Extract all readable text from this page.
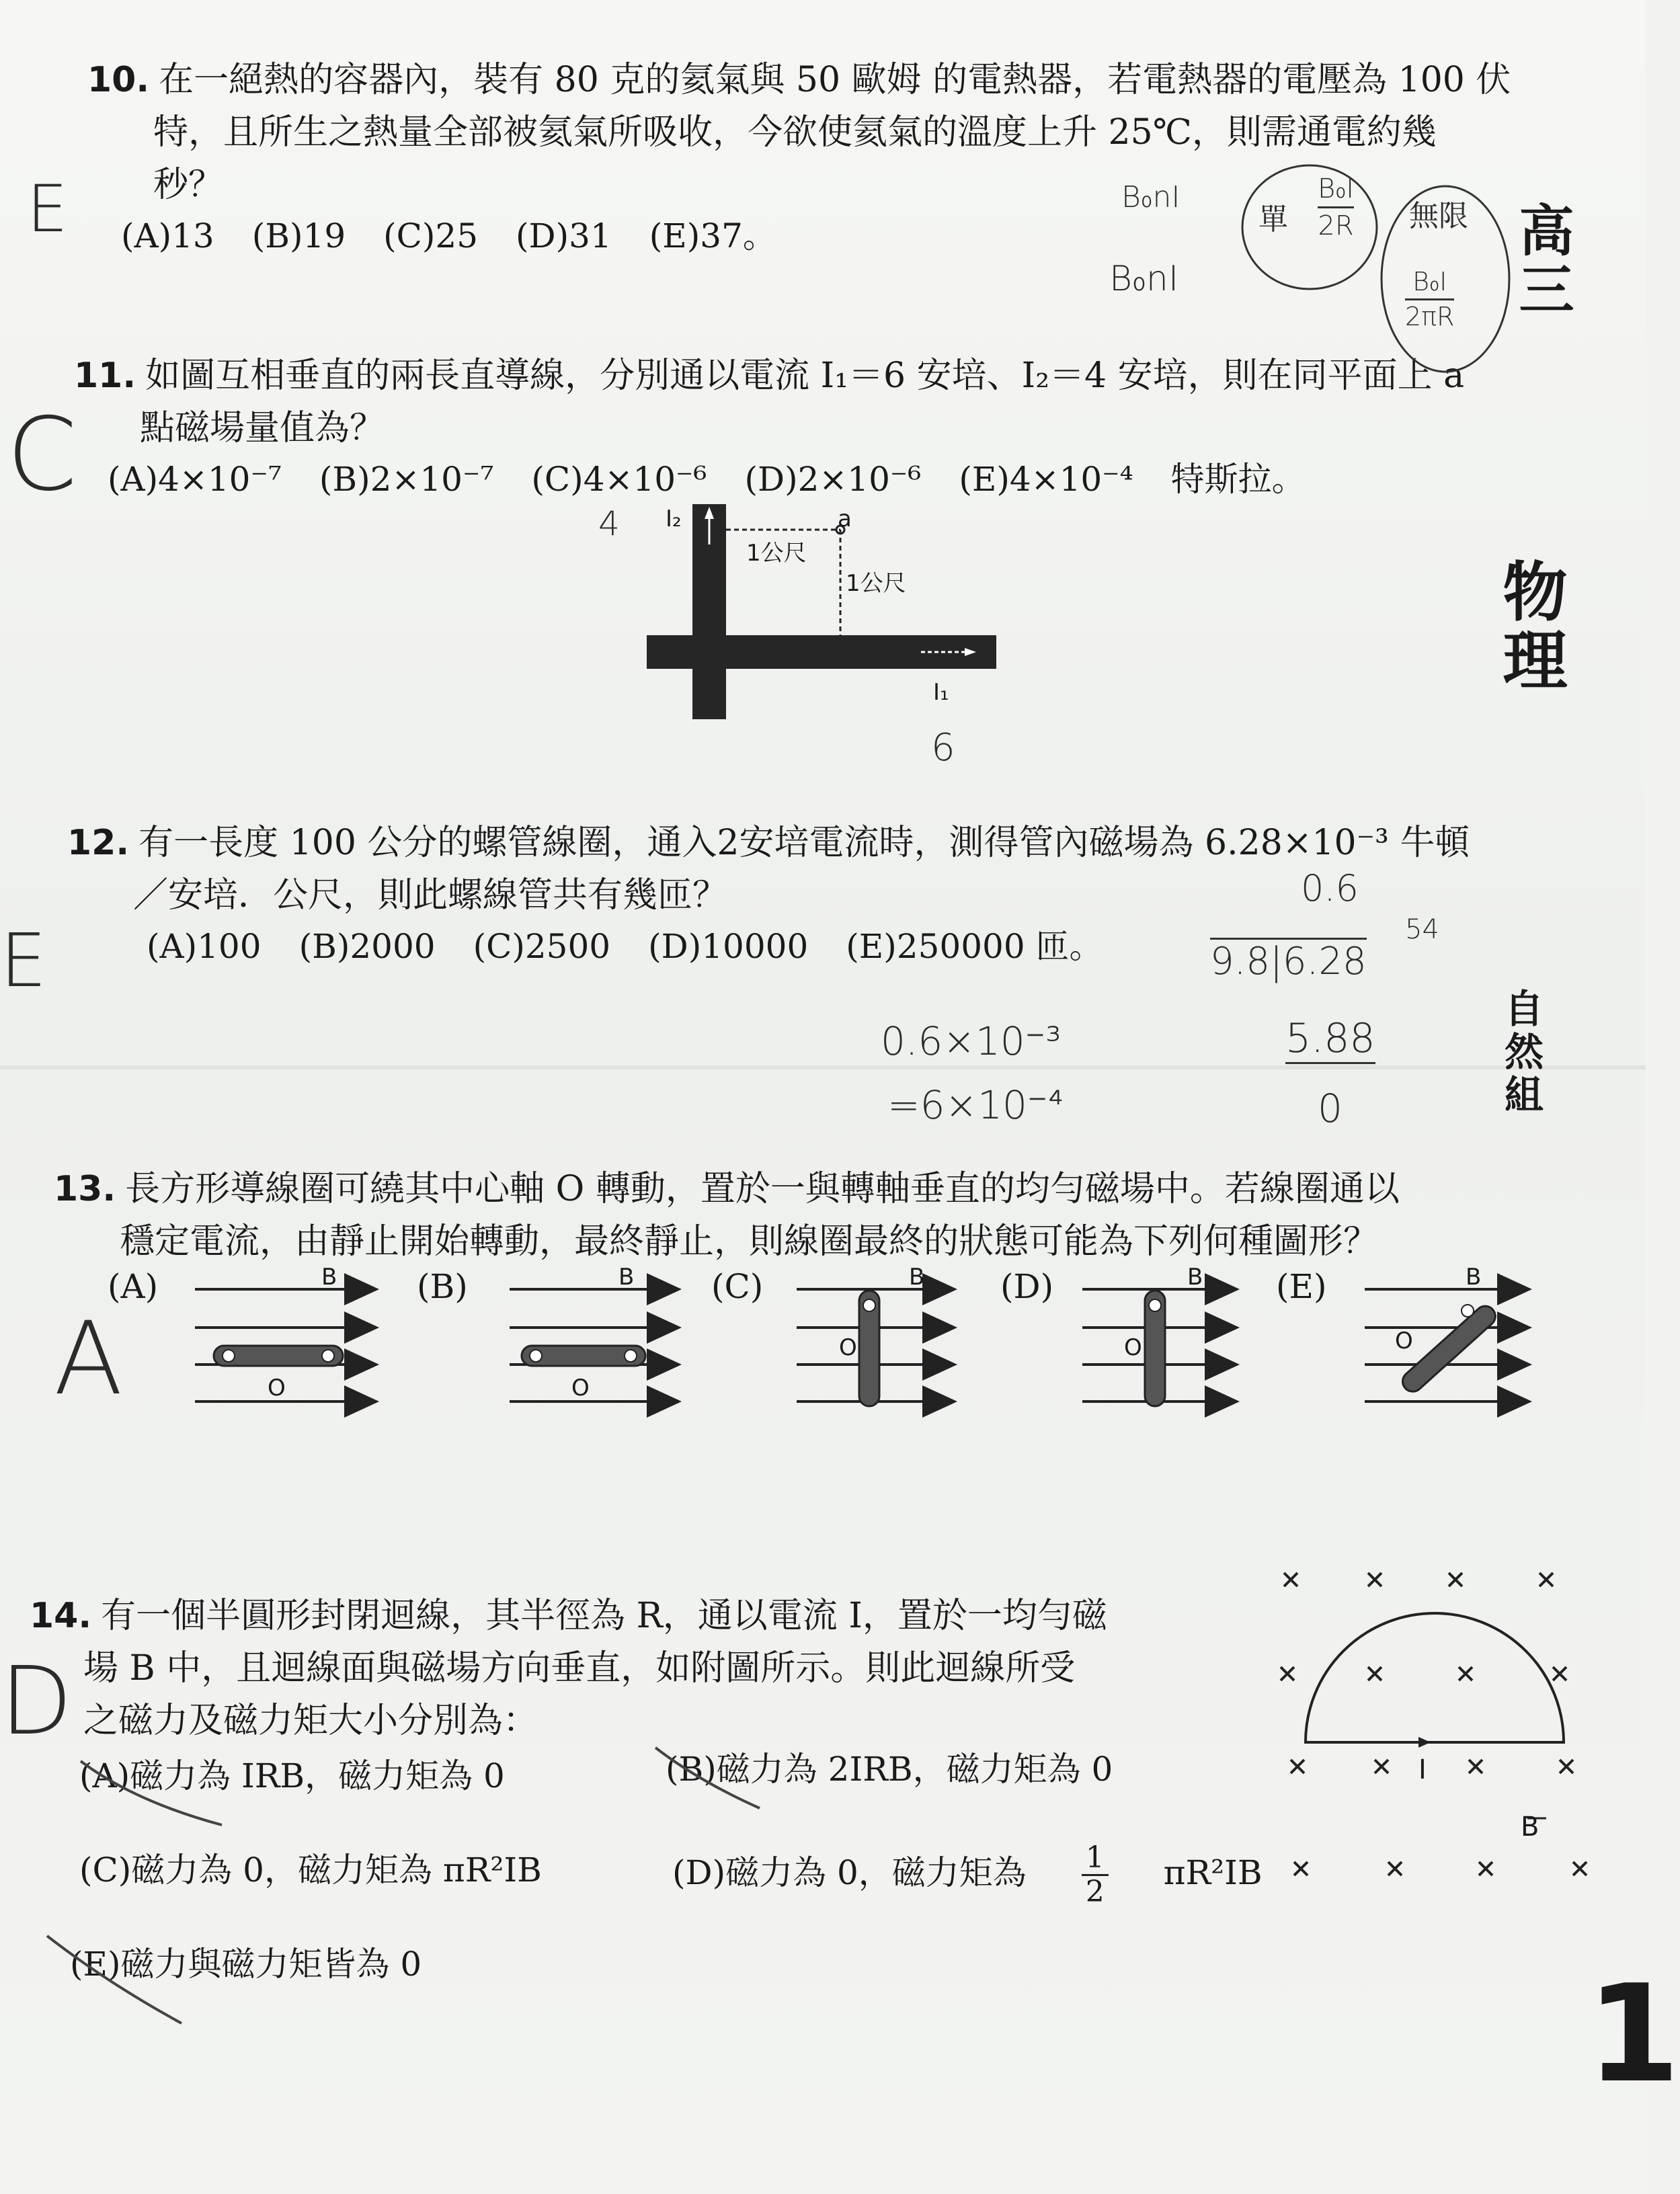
高三
物理
自然組
1
10. 在一絕熱的容器內，裝有 80 克的氦氣與 50 歐姆 的電熱器，若電熱器的電壓為 100 伏
特，且所生之熱量全部被氦氣所吸收，今欲使氦氣的溫度上升 25℃，則需通電約幾
秒？
(A)13 (B)19 (C)25 (D)31 (E)37。
11. 如圖互相垂直的兩長直導線，分別通以電流 I₁＝6 安培、I₂＝4 安培，則在同平面上 a
點磁場量值為？
(A)4×10⁻⁷ (B)2×10⁻⁷ (C)4×10⁻⁶ (D)2×10⁻⁶ (E)4×10⁻⁴ 特斯拉。
I₂	a
1公尺
1公尺
I₁
12. 有一長度 100 公分的螺管線圈，通入2安培電流時，測得管內磁場為 6.28×10⁻³ 牛頓
／安培．公尺，則此螺線管共有幾匝？
(A)100 (B)2000 (C)2500 (D)10000 (E)250000 匝。
13. 長方形導線圈可繞其中心軸 O 轉動，置於一與轉軸垂直的均勻磁場中。若線圈通以
穩定電流，由靜止開始轉動，最終靜止，則線圈最終的狀態可能為下列何種圖形？
(A)	(B)	(C)	(D)	(E)
B	B	B	B	B
O	O
O	O	O
14. 有一個半圓形封閉迴線，其半徑為 R，通以電流 I，置於一均勻磁
場 B 中，且迴線面與磁場方向垂直，如附圖所示。則此迴線所受
之磁力及磁力矩大小分別為：
(A)磁力為 IRB，磁力矩為 0	(B)磁力為 2IRB，磁力矩為 0
(C)磁力為 0，磁力矩為 πR²IB	(D)磁力為 0，磁力矩為 $\frac{1}{2} \pi R^2IB$
(E)磁力與磁力矩皆為 0
I
B
E	B₀nI
B₀nI
單 $\frac{\text{B₀I}}{2R}$ 無限
$\frac{\text{B₀I}}{2\pi R}$
C
4
6
E
0.6×10⁻³
=6×10⁻⁴
0.6
9.8|6.28
54
5.88
0
A
D
